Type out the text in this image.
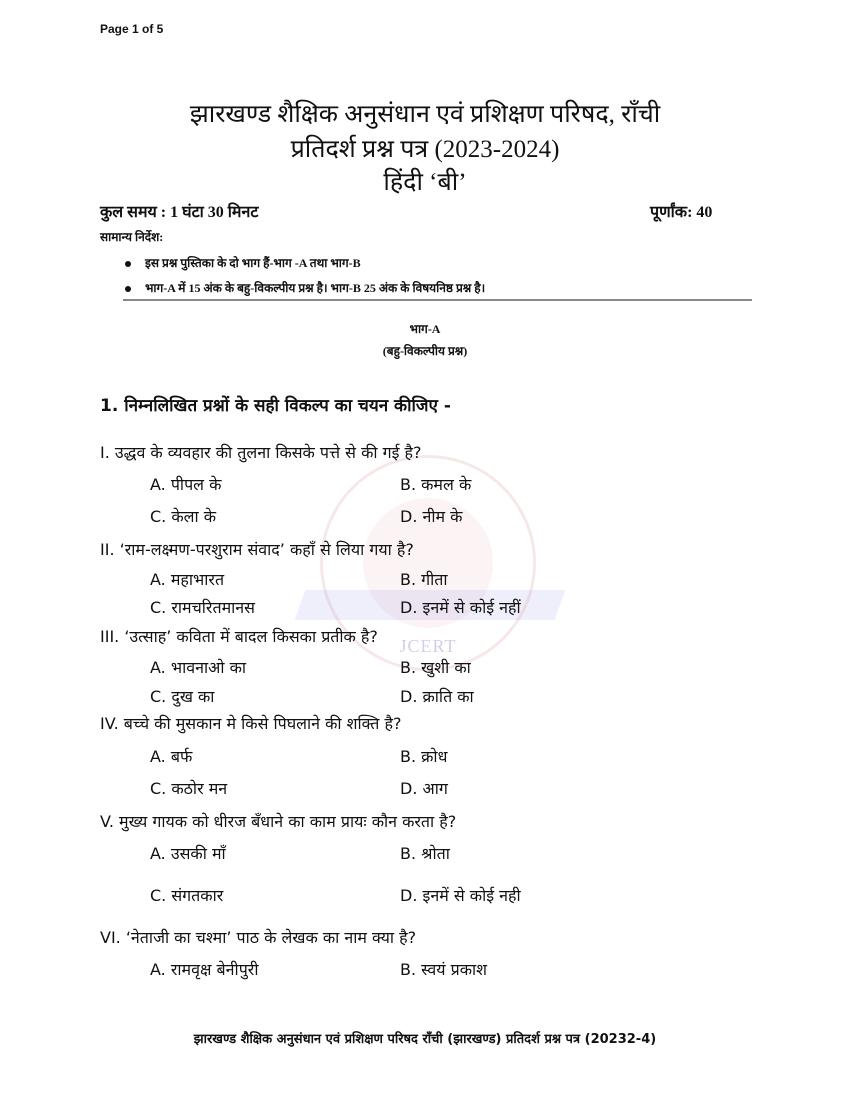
JCERT
Page 1 of 5
झारखण्ड शैक्षिक अनुसंधान एवं प्रशिक्षण परिषद, राँची
प्रतिदर्श प्रश्न पत्र (2023-2024)
हिंदी ‘बी’
कुल समय : 1 घंटा 30 मिनट	पूर्णांक: 40
सामान्य निर्देश:
इस प्रश्न पुस्तिका के दो भाग हैं-भाग -A तथा भाग-B
भाग-A में 15 अंक के बहु-विकल्पीय प्रश्न है। भाग-B 25 अंक के विषयनिष्ठ प्रश्न है।
भाग-A
(बहु-विकल्पीय प्रश्न)
1. निम्नलिखित प्रश्नों के सही विकल्प का चयन कीजिए -
I. उद्धव के व्यवहार की तुलना किसके पत्ते से की गई है?
A. पीपल के	B. कमल के
C. केला के	D. नीम के
II. ‘राम-लक्ष्मण-परशुराम संवाद’ कहाँ से लिया गया है?
A. महाभारत	B. गीता
C. रामचरितमानस	D. इनमें से कोई नहीं
III. ‘उत्साह’ कविता में बादल किसका प्रतीक है?
A. भावनाओ का	B. खुशी का
C. दुख का	D. क्राति का
IV. बच्चे की मुसकान मे किसे पिघलाने की शक्ति है?
A. बर्फ	B. क्रोध
C. कठोर मन	D. आग
V. मुख्य गायक को धीरज बँधाने का काम प्रायः कौन करता है?
A. उसकी माँ	B. श्रोता
C. संगतकार	D. इनमें से कोई नही
VI. ‘नेताजी का चश्मा’ पाठ के लेखक का नाम क्या है?
A. रामवृक्ष बेनीपुरी	B. स्वयं प्रकाश
झारखण्ड शैक्षिक अनुसंधान एवं प्रशिक्षण परिषद राँची (झारखण्ड) प्रतिदर्श प्रश्न पत्र (20232-4)
